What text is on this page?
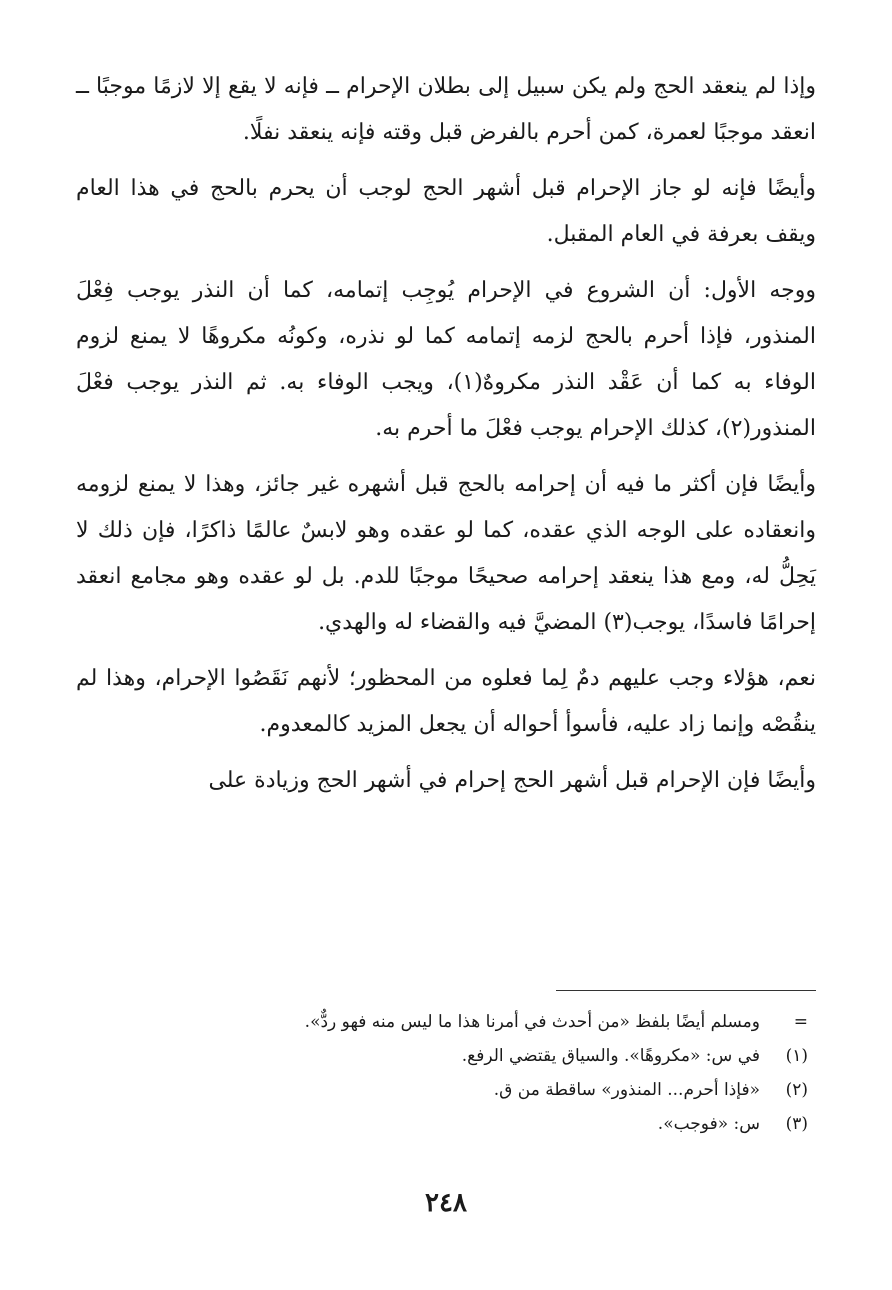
وإذا لم ينعقد الحج ولم يكن سبيل إلى بطلان الإحرام ــ فإنه لا يقع إلا لازمًا موجبًا ــ انعقد موجبًا لعمرة، كمن أحرم بالفرض قبل وقته فإنه ينعقد نفلًا.

وأيضًا فإنه لو جاز الإحرام قبل أشهر الحج لوجب أن يحرم بالحج في هذا العام ويقف بعرفة في العام المقبل.

ووجه الأول: أن الشروع في الإحرام يُوجِب إتمامه، كما أن النذر يوجب فِعْلَ المنذور، فإذا أحرم بالحج لزمه إتمامه كما لو نذره، وكونُه مكروهًا لا يمنع لزوم الوفاء به كما أن عَقْد النذر مكروهٌ(١)، ويجب الوفاء به. ثم النذر يوجب فعْلَ المنذور(٢)، كذلك الإحرام يوجب فعْلَ ما أحرم به.

وأيضًا فإن أكثر ما فيه أن إحرامه بالحج قبل أشهره غير جائز، وهذا لا يمنع لزومه وانعقاده على الوجه الذي عقده، كما لو عقده وهو لابسٌ عالمًا ذاكرًا، فإن ذلك لا يَحِلُّ له، ومع هذا ينعقد إحرامه صحيحًا موجبًا للدم. بل لو عقده وهو مجامع انعقد إحرامًا فاسدًا، يوجب(٣) المضيَّ فيه والقضاء له والهدي.

نعم، هؤلاء وجب عليهم دمٌ لِما فعلوه من المحظور؛ لأنهم نَقَصُوا الإحرام، وهذا لم ينقُصْه وإنما زاد عليه، فأسوأ أحواله أن يجعل المزيد كالمعدوم.

وأيضًا فإن الإحرام قبل أشهر الحج إحرام في أشهر الحج وزيادة على

=
ومسلم أيضًا بلفظ «من أحدث في أمرنا هذا ما ليس منه فهو ردٌّ».
(١)
في س: «مكروهًا». والسياق يقتضي الرفع.
(٢)
«فإذا أحرم... المنذور» ساقطة من ق.
(٣)
س: «فوجب».
٢٤٨
